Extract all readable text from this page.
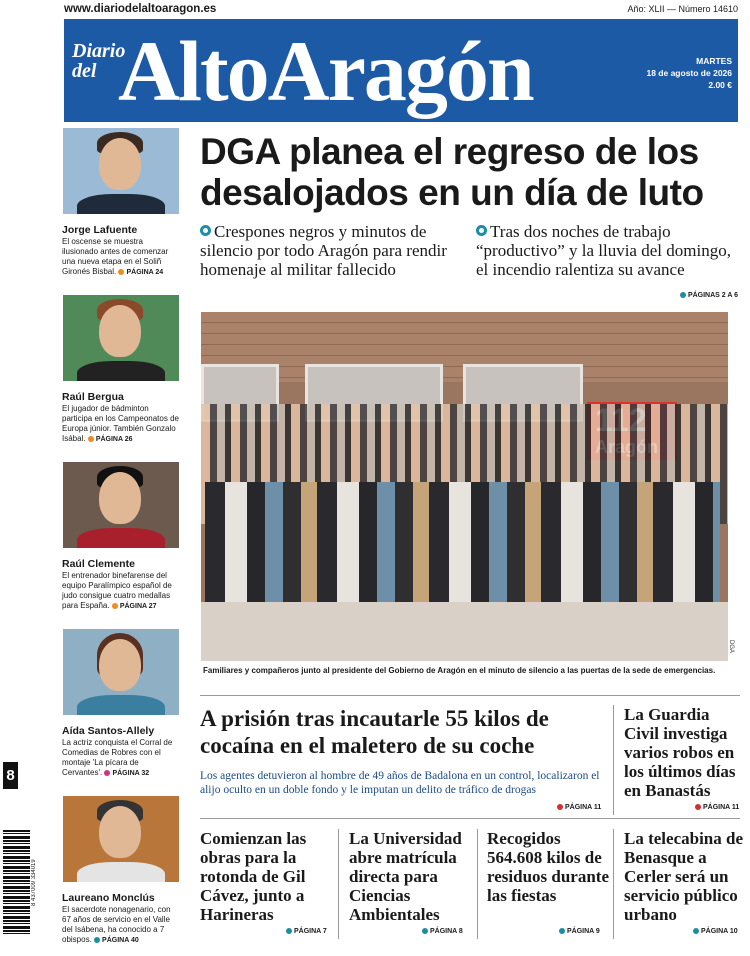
www.diariodelaltoaragon.es	Año: XLII — Número 14610
Diario
del AltoAragón	MARTES
18 de agosto de 2026
2.00 €
Jorge Lafuente
El oscense se muestra ilusionado antes de comenzar una nueva etapa en el Soliñ Gironés Bisbal. PÁGINA 24
Raúl Bergua
El jugador de bádminton participa en los Campeonatos de Europa júnior. También Gonzalo Isábal. PÁGINA 26
Raúl Clemente
El entrenador binefarense del equipo Paralímpico español de judo consigue cuatro medallas para España. PÁGINA 27
Aída Santos-Allely
La actriz conquista el Corral de Comedias de Robres con el montaje 'La pícara de Cervantes'. PÁGINA 32
Laureano Monclús
El sacerdote nonagenario, con 67 años de servicio en el Valle del Isábena, ha conocido a 7 obispos. PÁGINA 40
8
8 437009 334019
DGA planea el regreso de los desalojados en un día de luto
Crespones negros y minutos de silencio por todo Aragón para rendir homenaje al militar fallecido
Tras dos noches de trabajo “productivo” y la lluvia del domingo, el incendio ralentiza su avance
PÁGINAS 2 A 6
DGA
Familiares y compañeros junto al presidente del Gobierno de Aragón en el minuto de silencio a las puertas de la sede de emergencias.
A prisión tras incautarle 55 kilos de cocaína en el maletero de su coche
Los agentes detuvieron al hombre de 49 años de Badalona en un control, localizaron el alijo oculto en un doble fondo y le imputan un delito de tráfico de drogas
PÁGINA 11
La Guardia Civil investiga varios robos en los últimos días en Banastás
PÁGINA 11
Comienzan las obras para la rotonda de Gil Cávez, junto a Harineras
PÁGINA 7
La Universidad abre matrícula directa para Ciencias Ambientales
PÁGINA 8
Recogidos 564.608 kilos de residuos durante las fiestas
PÁGINA 9
La telecabina de Benasque a Cerler será un servicio público urbano
PÁGINA 10
